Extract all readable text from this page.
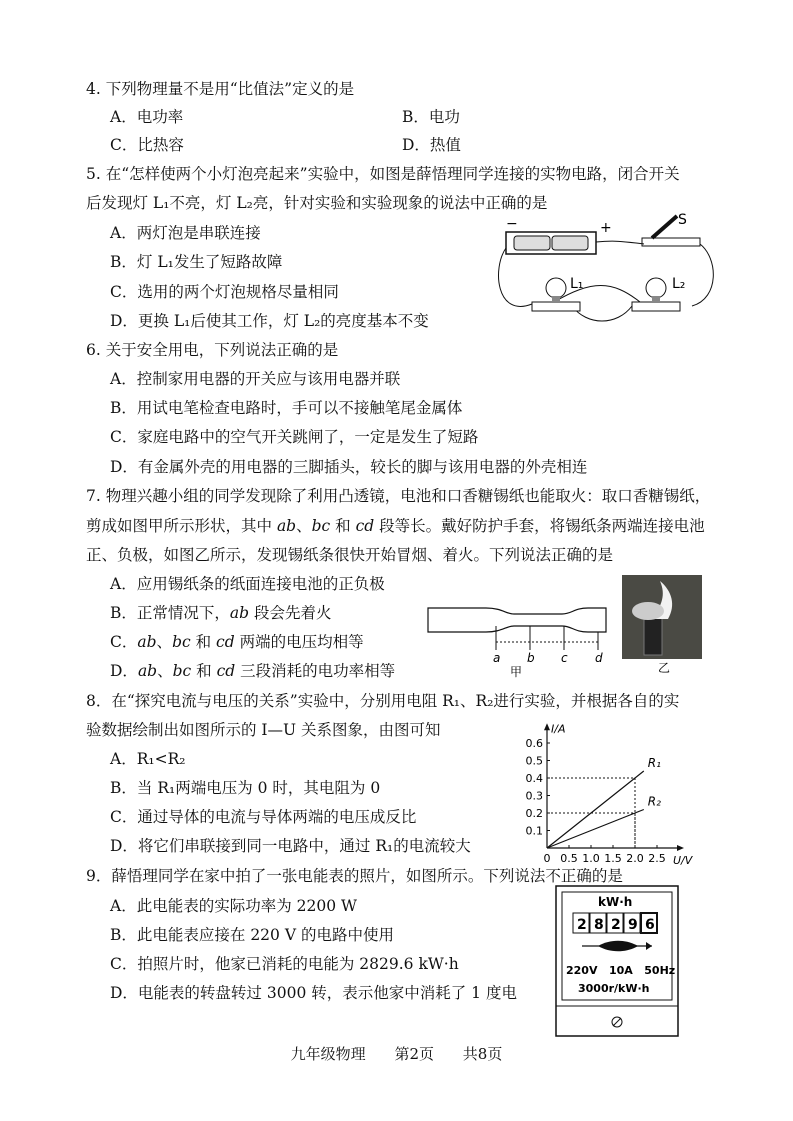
4. 下列物理量不是用“比值法”定义的是
A．电功率	B．电功
C．比热容	D．热值
5. 在“怎样使两个小灯泡亮起来”实验中，如图是薛悟理同学连接的实物电路，闭合开关
后发现灯 L₁不亮，灯 L₂亮，针对实验和实验现象的说法中正确的是
A．两灯泡是串联连接
B．灯 L₁发生了短路故障
C．选用的两个灯泡规格尽量相同
D．更换 L₁后使其工作，灯 L₂的亮度基本不变
−	+	S
L₁	L₂
6. 关于安全用电，下列说法正确的是
A．控制家用电器的开关应与该用电器并联
B．用试电笔检查电路时，手可以不接触笔尾金属体
C．家庭电路中的空气开关跳闸了，一定是发生了短路
D．有金属外壳的用电器的三脚插头，较长的脚与该用电器的外壳相连
7. 物理兴趣小组的同学发现除了利用凸透镜，电池和口香糖锡纸也能取火：取口香糖锡纸，
剪成如图甲所示形状，其中 ab、bc 和 cd 段等长。戴好防护手套，将锡纸条两端连接电池
正、负极，如图乙所示，发现锡纸条很快开始冒烟、着火。下列说法正确的是
A．应用锡纸条的纸面连接电池的正负极
B．正常情况下，ab 段会先着火
C．ab、bc 和 cd 两端的电压均相等
D．ab、bc 和 cd 三段消耗的电功率相等
a b c d
甲	乙
8．在“探究电流与电压的关系”实验中，分别用电阻 R₁、R₂进行实验，并根据各自的实
验数据绘制出如图所示的 I—U 关系图象，由图可知
A．R₁<R₂
B．当 R₁两端电压为 0 时，其电阻为 0
C．通过导体的电流与导体两端的电压成反比
D．将它们串联接到同一电路中，通过 R₁的电流较大
I/A
U/V
0.1
0.2
0.3
0.4
0.5
0.6
0 0.5 1.0 1.5 2.0 2.5
R₁
R₂
9．薛悟理同学在家中拍了一张电能表的照片，如图所示。下列说法不正确的是
A．此电能表的实际功率为 2200 W
B．此电能表应接在 220 V 的电路中使用
C．拍照片时，他家已消耗的电能为 2829.6 kW·h
D．电能表的转盘转过 3000 转，表示他家中消耗了 1 度电
kW·h
2 8 2 9 6
220V   10A   50Hz
3000r/kW·h
九年级物理 第2页 共8页
